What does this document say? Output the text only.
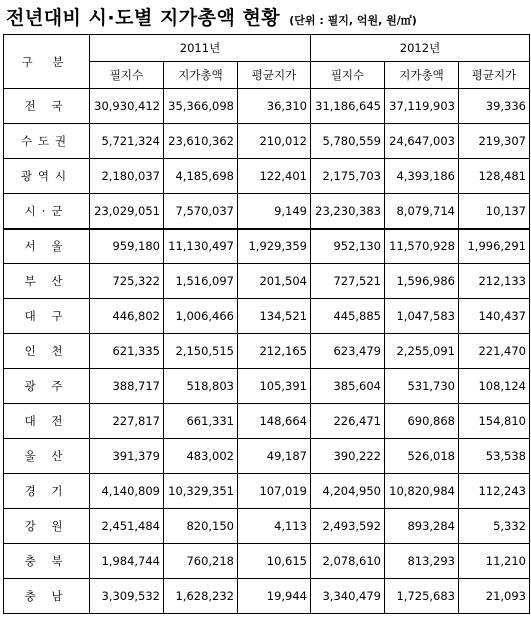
전년대비 시·도별 지가총액 현황 (단위 : 필지, 억원, 원/㎡)
구 분	2011년			2012년		
	필지수	지가총액	평균지가	필지수	지가총액	평균지가
전 국	30,930,412	35,366,098	36,310	31,186,645	37,119,903	39,336
수도권	5,721,324	23,610,362	210,012	5,780,559	24,647,003	219,307
광역시	2,180,037	4,185,698	122,401	2,175,703	4,393,186	128,481
시·군	23,029,051	7,570,037	9,149	23,230,383	8,079,714	10,137
서 울	959,180	11,130,497	1,929,359	952,130	11,570,928	1,996,291
부 산	725,322	1,516,097	201,504	727,521	1,596,986	212,133
대 구	446,802	1,006,466	134,521	445,885	1,047,583	140,437
인 천	621,335	2,150,515	212,165	623,479	2,255,091	221,470
광 주	388,717	518,803	105,391	385,604	531,730	108,124
대 전	227,817	661,331	148,664	226,471	690,868	154,810
울 산	391,379	483,002	49,187	390,222	526,018	53,538
경 기	4,140,809	10,329,351	107,019	4,204,950	10,820,984	112,243
강 원	2,451,484	820,150	4,113	2,493,592	893,284	5,332
충 북	1,984,744	760,218	10,615	2,078,610	813,293	11,210
충 남	3,309,532	1,628,232	19,944	3,340,479	1,725,683	21,093
